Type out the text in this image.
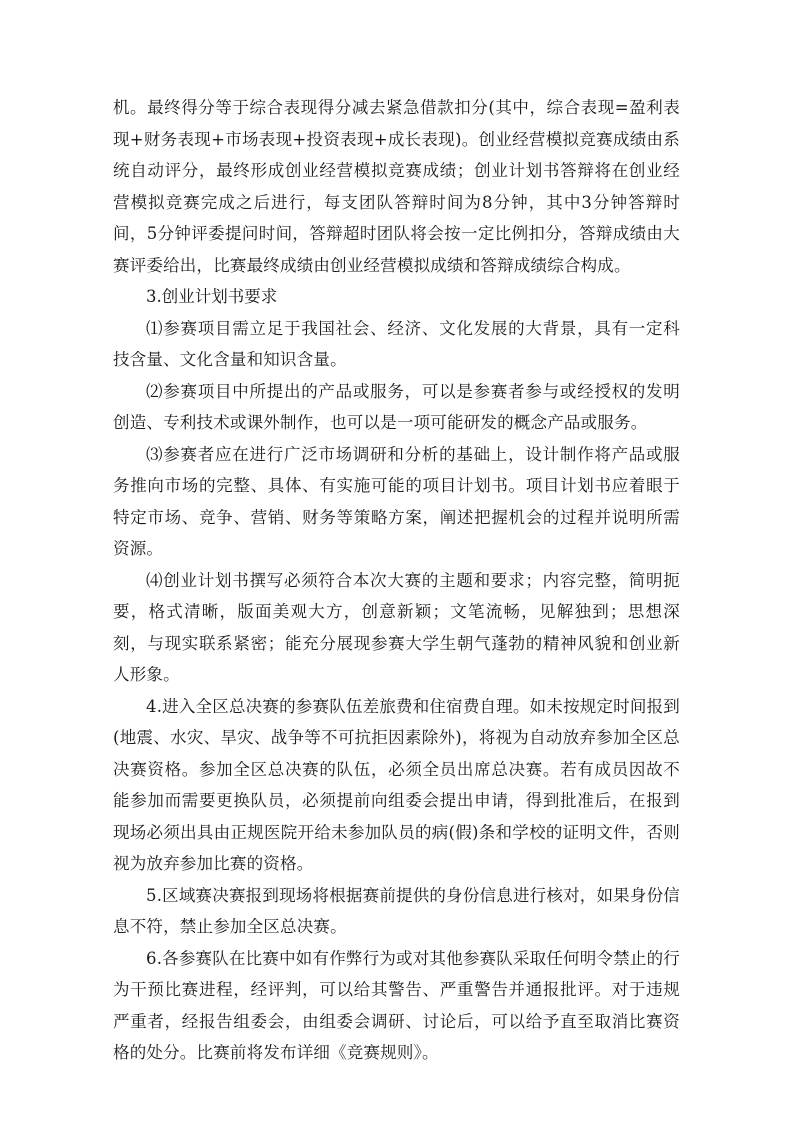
机。最终得分等于综合表现得分减去紧急借款扣分(其中，综合表现=盈利表现+财务表现+市场表现+投资表现+成长表现)。创业经营模拟竞赛成绩由系统自动评分，最终形成创业经营模拟竞赛成绩；创业计划书答辩将在创业经营模拟竞赛完成之后进行，每支团队答辩时间为8分钟，其中3分钟答辩时间，5分钟评委提问时间，答辩超时团队将会按一定比例扣分，答辩成绩由大赛评委给出，比赛最终成绩由创业经营模拟成绩和答辩成绩综合构成。

3.创业计划书要求

⑴参赛项目需立足于我国社会、经济、文化发展的大背景，具有一定科技含量、文化含量和知识含量。

⑵参赛项目中所提出的产品或服务，可以是参赛者参与或经授权的发明创造、专利技术或课外制作，也可以是一项可能研发的概念产品或服务。

⑶参赛者应在进行广泛市场调研和分析的基础上，设计制作将产品或服务推向市场的完整、具体、有实施可能的项目计划书。项目计划书应着眼于特定市场、竞争、营销、财务等策略方案，阐述把握机会的过程并说明所需资源。

⑷创业计划书撰写必须符合本次大赛的主题和要求；内容完整，简明扼要，格式清晰，版面美观大方，创意新颖；文笔流畅，见解独到；思想深刻，与现实联系紧密；能充分展现参赛大学生朝气蓬勃的精神风貌和创业新人形象。

4.进入全区总决赛的参赛队伍差旅费和住宿费自理。如未按规定时间报到(地震、水灾、旱灾、战争等不可抗拒因素除外)，将视为自动放弃参加全区总决赛资格。参加全区总决赛的队伍，必须全员出席总决赛。若有成员因故不能参加而需要更换队员，必须提前向组委会提出申请，得到批准后，在报到现场必须出具由正规医院开给未参加队员的病(假)条和学校的证明文件，否则视为放弃参加比赛的资格。

5.区域赛决赛报到现场将根据赛前提供的身份信息进行核对，如果身份信息不符，禁止参加全区总决赛。

6.各参赛队在比赛中如有作弊行为或对其他参赛队采取任何明令禁止的行为干预比赛进程，经评判，可以给其警告、严重警告并通报批评。对于违规严重者，经报告组委会，由组委会调研、讨论后，可以给予直至取消比赛资格的处分。比赛前将发布详细《竞赛规则》。
